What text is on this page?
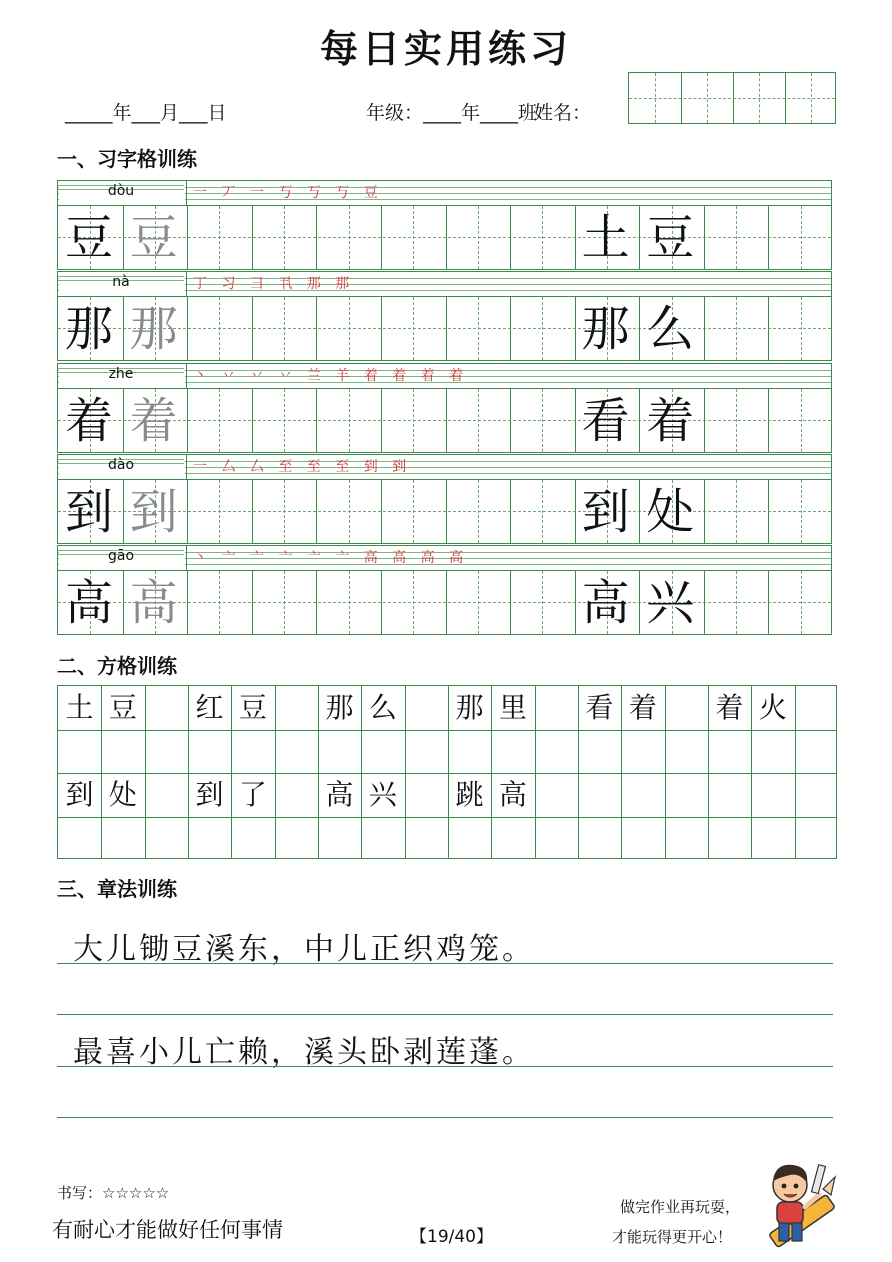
每日实用练习
_____年___月___日	年级：____年____班
姓名：
一、习字格训练
二、方格训练
三、章法训练
dòu	一 丆 一 丂 丂 丂 豆
豆 豆	土 豆
nà	丁 习 彐 丮 那 那
那 那	那 么
zhe	丶 丷 丷 丷 兰 羊 着 着 着 着
着 着	看 着
dào	一 厶 厶 至 至 至 到 到
到 到	到 处
gāo	丶 亠 亠 亠 亠 亠 高 高 高 高
高 高	高 兴
土 豆 红 豆 那 么 那 里 看 着 着 火
到 处 到 了 高 兴 跳 高
大儿锄豆溪东，中儿正织鸡笼。
最喜小儿亡赖，溪头卧剥莲蓬。
书写：☆☆☆☆☆
有耐心才能做好任何事情	【19/40】
做完作业再玩耍，
才能玩得更开心！
